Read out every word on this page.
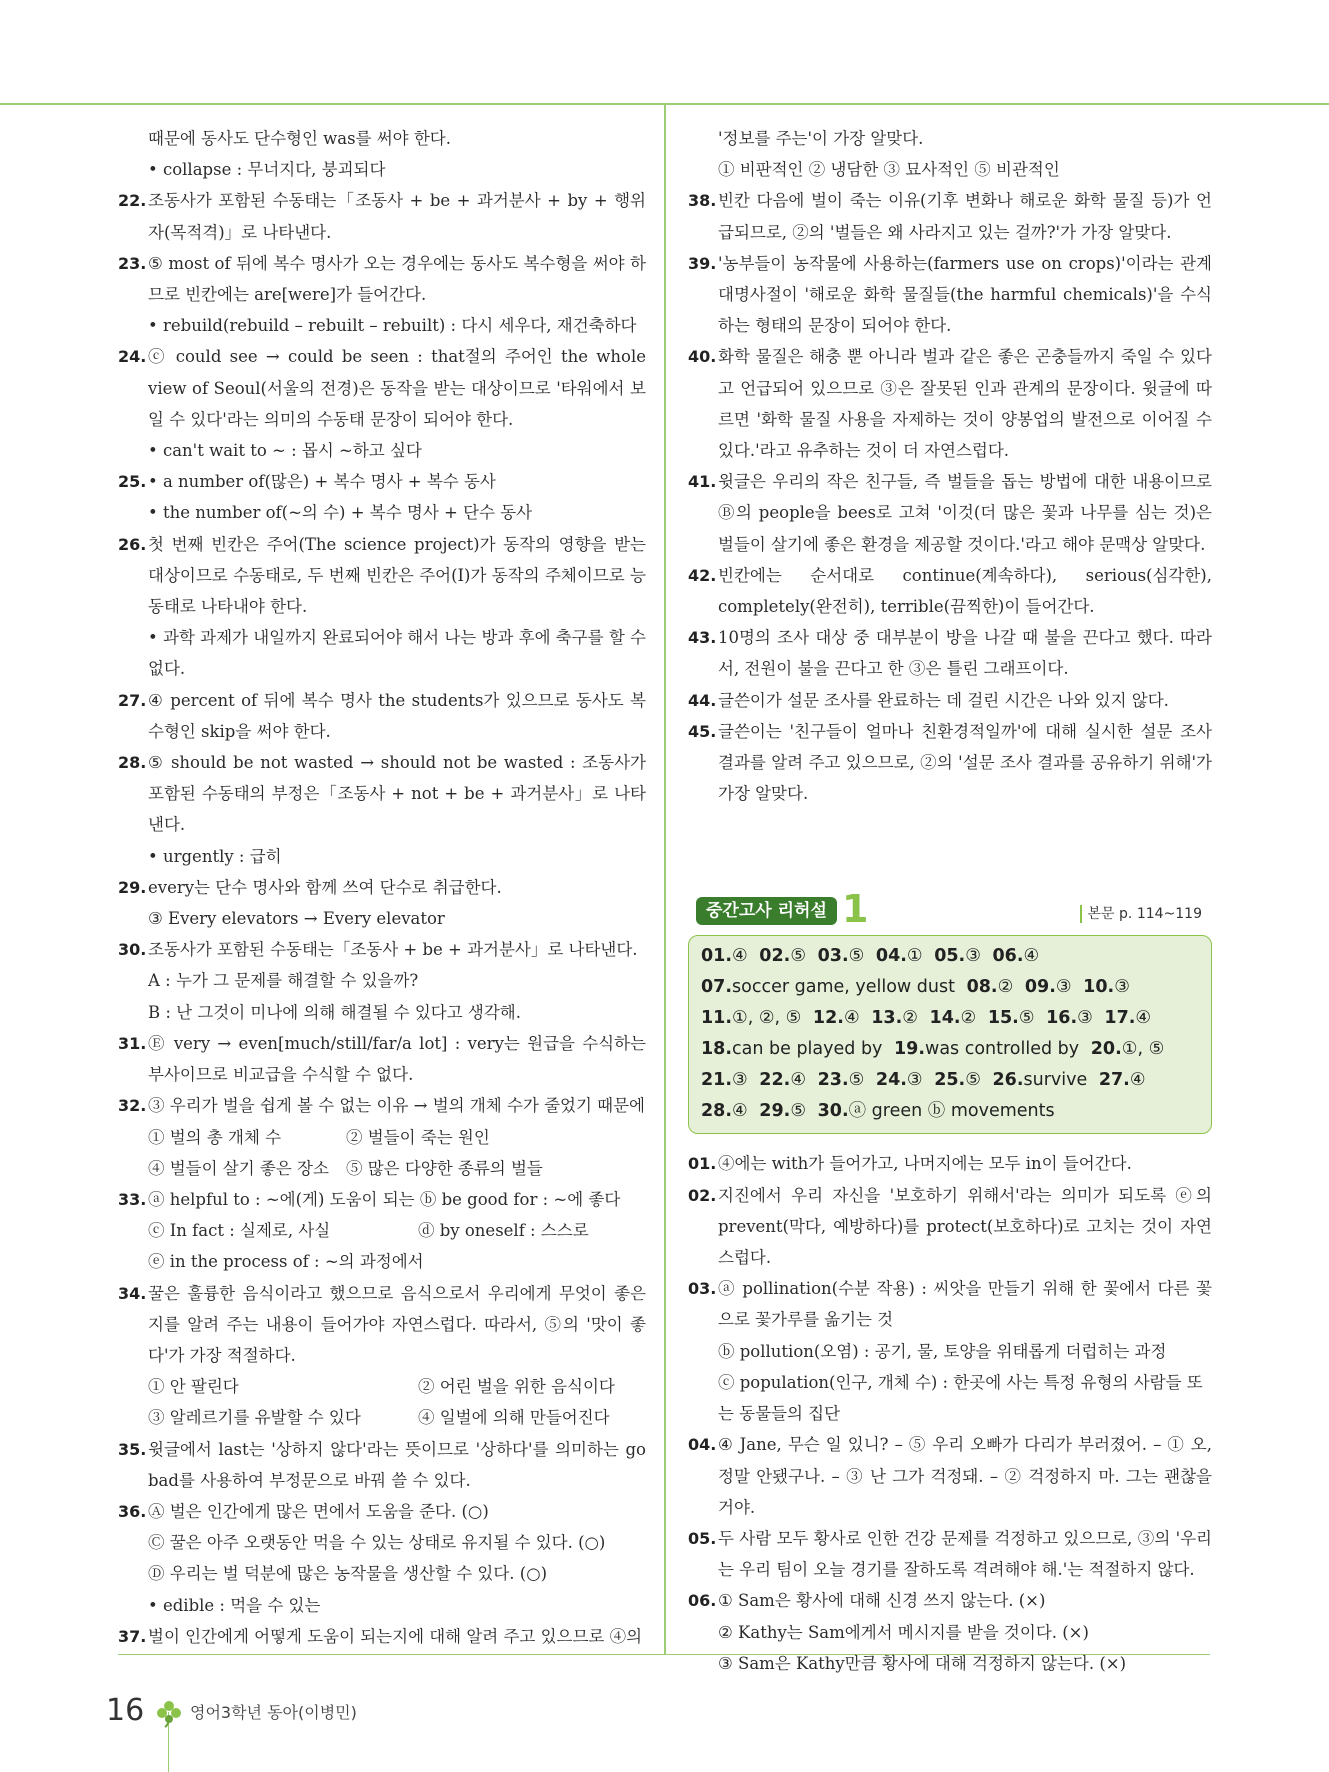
때문에 동사도 단수형인 was를 써야 한다.
• collapse : 무너지다, 붕괴되다
22. 조동사가 포함된 수동태는「조동사 + be + 과거분사 + by + 행위자(목적격)」로 나타낸다.
23. ⑤ most of 뒤에 복수 명사가 오는 경우에는 동사도 복수형을 써야 하므로 빈칸에는 are[were]가 들어간다.
• rebuild(rebuild – rebuilt – rebuilt) : 다시 세우다, 재건축하다
24. ⓒ could see → could be seen : that절의 주어인 the whole view of Seoul(서울의 전경)은 동작을 받는 대상이므로 '타워에서 보일 수 있다'라는 의미의 수동태 문장이 되어야 한다.
• can't wait to ~ : 몹시 ~하고 싶다
25. • a number of(많은) + 복수 명사 + 복수 동사
• the number of(~의 수) + 복수 명사 + 단수 동사
26. 첫 번째 빈칸은 주어(The science project)가 동작의 영향을 받는 대상이므로 수동태로, 두 번째 빈칸은 주어(I)가 동작의 주체이므로 능동태로 나타내야 한다.
• 과학 과제가 내일까지 완료되어야 해서 나는 방과 후에 축구를 할 수 없다.
27. ④ percent of 뒤에 복수 명사 the students가 있으므로 동사도 복수형인 skip을 써야 한다.
28. ⑤ should be not wasted → should not be wasted : 조동사가 포함된 수동태의 부정은「조동사 + not + be + 과거분사」로 나타낸다.
• urgently : 급히
29. every는 단수 명사와 함께 쓰여 단수로 취급한다.
③ Every elevators → Every elevator
30. 조동사가 포함된 수동태는「조동사 + be + 과거분사」로 나타낸다.
A : 누가 그 문제를 해결할 수 있을까?
B : 난 그것이 미나에 의해 해결될 수 있다고 생각해.
31. Ⓔ very → even[much/still/far/a lot] : very는 원급을 수식하는 부사이므로 비교급을 수식할 수 없다.
32. ③ 우리가 벌을 쉽게 볼 수 없는 이유 → 벌의 개체 수가 줄었기 때문에
① 벌의 총 개체 수	② 벌들이 죽는 원인
④ 벌들이 살기 좋은 장소	⑤ 많은 다양한 종류의 벌들
33. ⓐ helpful to : ~에(게) 도움이 되는 ⓑ be good for : ~에 좋다
ⓒ In fact : 실제로, 사실	ⓓ by oneself : 스스로
ⓔ in the process of : ~의 과정에서
34. 꿀은 훌륭한 음식이라고 했으므로 음식으로서 우리에게 무엇이 좋은지를 알려 주는 내용이 들어가야 자연스럽다. 따라서, ⑤의 '맛이 좋다'가 가장 적절하다.
① 안 팔린다	② 어린 벌을 위한 음식이다
③ 알레르기를 유발할 수 있다	④ 일벌에 의해 만들어진다
35. 윗글에서 last는 '상하지 않다'라는 뜻이므로 '상하다'를 의미하는 go bad를 사용하여 부정문으로 바꿔 쓸 수 있다.
36. Ⓐ 벌은 인간에게 많은 면에서 도움을 준다. (○)
Ⓒ 꿀은 아주 오랫동안 먹을 수 있는 상태로 유지될 수 있다. (○)
Ⓓ 우리는 벌 덕분에 많은 농작물을 생산할 수 있다. (○)
• edible : 먹을 수 있는
37. 벌이 인간에게 어떻게 도움이 되는지에 대해 알려 주고 있으므로 ④의
'정보를 주는'이 가장 알맞다.
① 비판적인 ② 냉담한 ③ 묘사적인 ⑤ 비관적인
38. 빈칸 다음에 벌이 죽는 이유(기후 변화나 해로운 화학 물질 등)가 언급되므로, ②의 '벌들은 왜 사라지고 있는 걸까?'가 가장 알맞다.
39. '농부들이 농작물에 사용하는(farmers use on crops)'이라는 관계대명사절이 '해로운 화학 물질들(the harmful chemicals)'을 수식하는 형태의 문장이 되어야 한다.
40. 화학 물질은 해충 뿐 아니라 벌과 같은 좋은 곤충들까지 죽일 수 있다고 언급되어 있으므로 ③은 잘못된 인과 관계의 문장이다. 윗글에 따르면 '화학 물질 사용을 자제하는 것이 양봉업의 발전으로 이어질 수 있다.'라고 유추하는 것이 더 자연스럽다.
41. 윗글은 우리의 작은 친구들, 즉 벌들을 돕는 방법에 대한 내용이므로 Ⓑ의 people을 bees로 고쳐 '이것(더 많은 꽃과 나무를 심는 것)은 벌들이 살기에 좋은 환경을 제공할 것이다.'라고 해야 문맥상 알맞다.
42. 빈칸에는 순서대로 continue(계속하다), serious(심각한), completely(완전히), terrible(끔찍한)이 들어간다.
43. 10명의 조사 대상 중 대부분이 방을 나갈 때 불을 끈다고 했다. 따라서, 전원이 불을 끈다고 한 ③은 틀린 그래프이다.
44. 글쓴이가 설문 조사를 완료하는 데 걸린 시간은 나와 있지 않다.
45. 글쓴이는 '친구들이 얼마나 친환경적일까'에 대해 실시한 설문 조사 결과를 알려 주고 있으므로, ②의 '설문 조사 결과를 공유하기 위해'가 가장 알맞다.
중간고사 리허설 1	본문 p. 114~119
01.④ 02.⑤ 03.⑤ 04.① 05.③ 06.④ 07.soccer game, yellow dust 08.② 09.③ 10.③ 11.①, ②, ⑤ 12.④ 13.② 14.② 15.⑤ 16.③ 17.④ 18.can be played by 19.was controlled by 20.①, ⑤ 21.③ 22.④ 23.⑤ 24.③ 25.⑤ 26.survive 27.④ 28.④ 29.⑤ 30.ⓐ green ⓑ movements
01. ④에는 with가 들어가고, 나머지에는 모두 in이 들어간다.
02. 지진에서 우리 자신을 '보호하기 위해서'라는 의미가 되도록 ⓔ의 prevent(막다, 예방하다)를 protect(보호하다)로 고치는 것이 자연스럽다.
03. ⓐ pollination(수분 작용) : 씨앗을 만들기 위해 한 꽃에서 다른 꽃으로 꽃가루를 옮기는 것
ⓑ pollution(오염) : 공기, 물, 토양을 위태롭게 더럽히는 과정
ⓒ population(인구, 개체 수) : 한곳에 사는 특정 유형의 사람들 또는 동물들의 집단
04. ④ Jane, 무슨 일 있니? – ⑤ 우리 오빠가 다리가 부러졌어. – ① 오, 정말 안됐구나. – ③ 난 그가 걱정돼. – ② 걱정하지 마. 그는 괜찮을 거야.
05. 두 사람 모두 황사로 인한 건강 문제를 걱정하고 있으므로, ③의 '우리는 우리 팀이 오늘 경기를 잘하도록 격려해야 해.'는 적절하지 않다.
06. ① Sam은 황사에 대해 신경 쓰지 않는다. (×)
② Kathy는 Sam에게서 메시지를 받을 것이다. (×)
③ Sam은 Kathy만큼 황사에 대해 걱정하지 않는다. (×)
16	영어3학년 동아(이병민)
